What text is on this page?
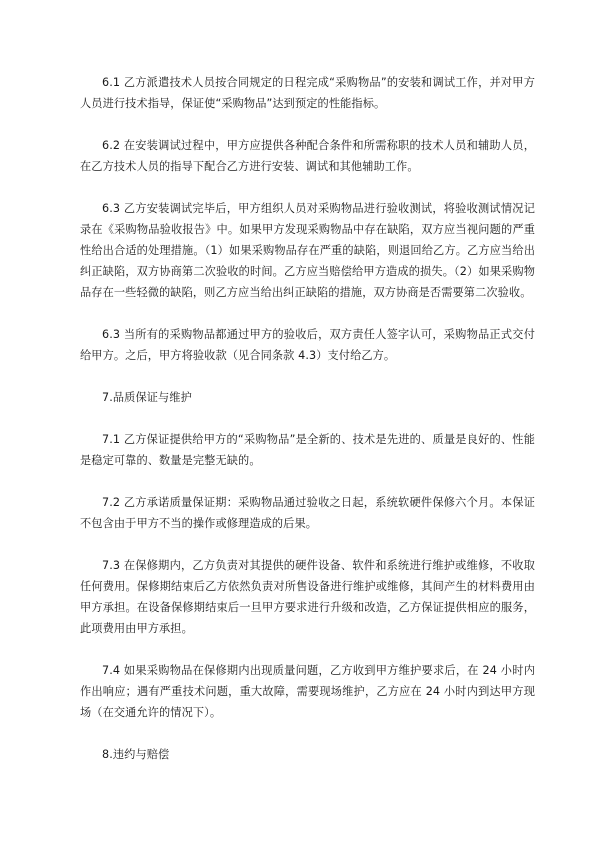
6.1 乙方派遣技术人员按合同规定的日程完成“采购物品”的安装和调试工作，并对甲方人员进行技术指导，保证使“采购物品”达到预定的性能指标。

6.2 在安装调试过程中，甲方应提供各种配合条件和所需称职的技术人员和辅助人员，在乙方技术人员的指导下配合乙方进行安装、调试和其他辅助工作。

6.3 乙方安装调试完毕后，甲方组织人员对采购物品进行验收测试，将验收测试情况记录在《采购物品验收报告》中。如果甲方发现采购物品中存在缺陷，双方应当视问题的严重性给出合适的处理措施。（1）如果采购物品存在严重的缺陷，则退回给乙方。乙方应当给出纠正缺陷，双方协商第二次验收的时间。乙方应当赔偿给甲方造成的损失。（2）如果采购物品存在一些轻微的缺陷，则乙方应当给出纠正缺陷的措施，双方协商是否需要第二次验收。

6.3 当所有的采购物品都通过甲方的验收后，双方责任人签字认可，采购物品正式交付给甲方。之后，甲方将验收款（见合同条款 4.3）支付给乙方。

7.品质保证与维护

7.1 乙方保证提供给甲方的“采购物品”是全新的、技术是先进的、质量是良好的、性能是稳定可靠的、数量是完整无缺的。

7.2 乙方承诺质量保证期：采购物品通过验收之日起，系统软硬件保修六个月。本保证不包含由于甲方不当的操作或修理造成的后果。

7.3 在保修期内，乙方负责对其提供的硬件设备、软件和系统进行维护或维修，不收取任何费用。保修期结束后乙方依然负责对所售设备进行维护或维修，其间产生的材料费用由甲方承担。在设备保修期结束后一旦甲方要求进行升级和改造，乙方保证提供相应的服务，此项费用由甲方承担。

7.4 如果采购物品在保修期内出现质量问题，乙方收到甲方维护要求后，在 24 小时内作出响应；遇有严重技术问题，重大故障，需要现场维护，乙方应在 24 小时内到达甲方现场（在交通允许的情况下）。

8.违约与赔偿
